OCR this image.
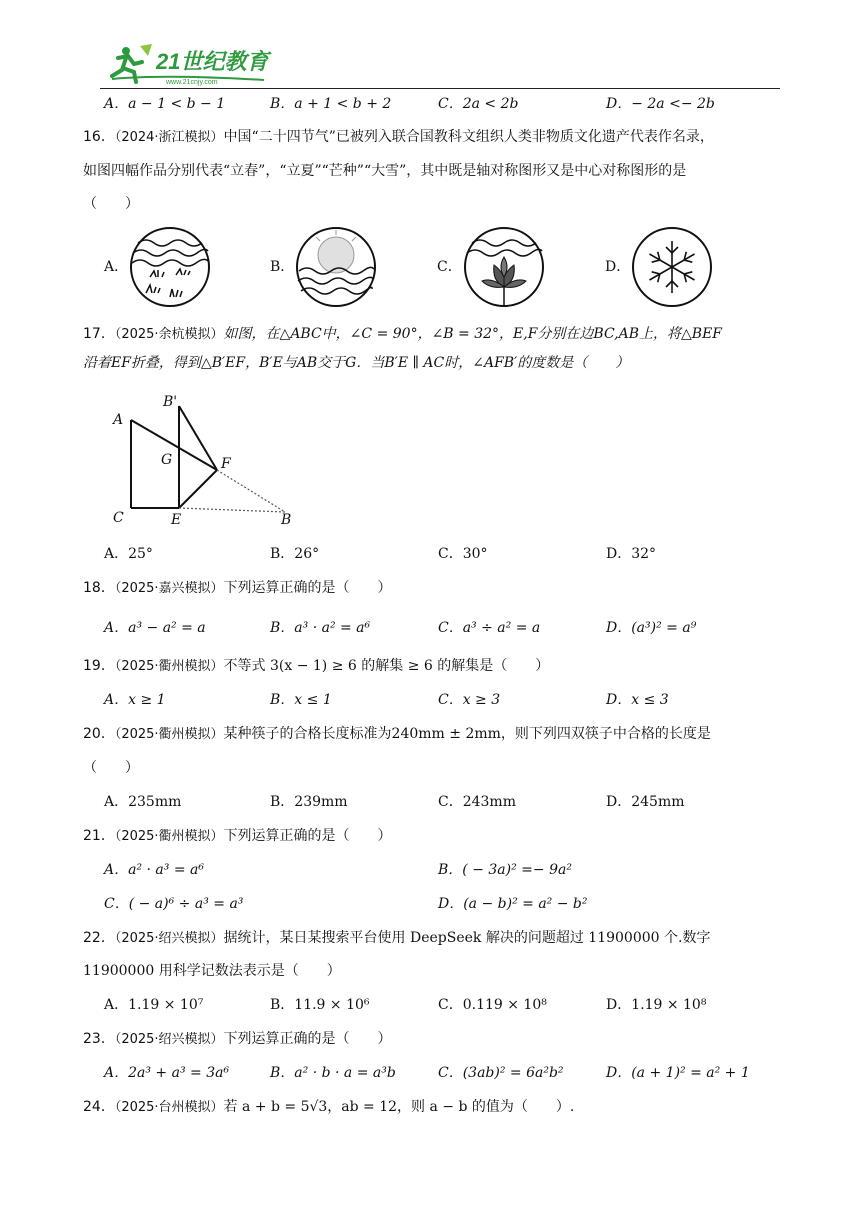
21世纪教育
www.21cnjy.com
A．a − 1 < b − 1	B．a + 1 < b + 2	C．2a < 2b	D．− 2a <− 2b
16．（2024·浙江模拟）中国“二十四节气”已被列入联合国教科文组织人类非物质文化遗产代表作名录，
如图四幅作品分别代表“立春”，“立夏”“芒种”“大雪”，其中既是轴对称图形又是中心对称图形的是
（　　）
A．	B．	C．	D．
17．（2025·余杭模拟）如图，在△ABC中，∠C = 90°，∠B = 32°，E,F分别在边BC,AB上，将△BEF
沿着EF折叠，得到△B′EF，B′E与AB交于G．当B′E ∥ AC时，∠AFB′的度数是（　　）
A
B'
G	F
C	E	B
A．25°	B．26°	C．30°	D．32°
18．（2025·嘉兴模拟）下列运算正确的是（　　）
A．a³ − a² = a	B．a³ · a² = a⁶	C．a³ ÷ a² = a	D．(a³)² = a⁹
19．（2025·衢州模拟）不等式 3(x − 1) ≥ 6 的解集 ≥ 6 的解集是（　　）
A．x ≥ 1	B．x ≤ 1	C．x ≥ 3	D．x ≤ 3
20．（2025·衢州模拟）某种筷子的合格长度标准为240mm ± 2mm，则下列四双筷子中合格的长度是
（　　）
A．235mm	B．239mm	C．243mm	D．245mm
21．（2025·衢州模拟）下列运算正确的是（　　）
A．a² · a³ = a⁶	B．( − 3a)² =− 9a²
C．( − a)⁶ ÷ a³ = a³	D．(a − b)² = a² − b²
22．（2025·绍兴模拟）据统计，某日某搜索平台使用 DeepSeek 解决的问题超过 11900000 个.数字
11900000 用科学记数法表示是（　　）
A．1.19 × 10⁷	B．11.9 × 10⁶	C．0.119 × 10⁸	D．1.19 × 10⁸
23．（2025·绍兴模拟）下列运算正确的是（　　）
A．2a³ + a³ = 3a⁶	B．a² · b · a = a³b	C．(3ab)² = 6a²b²	D．(a + 1)² = a² + 1
24．（2025·台州模拟）若 a + b = 5√3，ab = 12，则 a − b 的值为（　　）.
